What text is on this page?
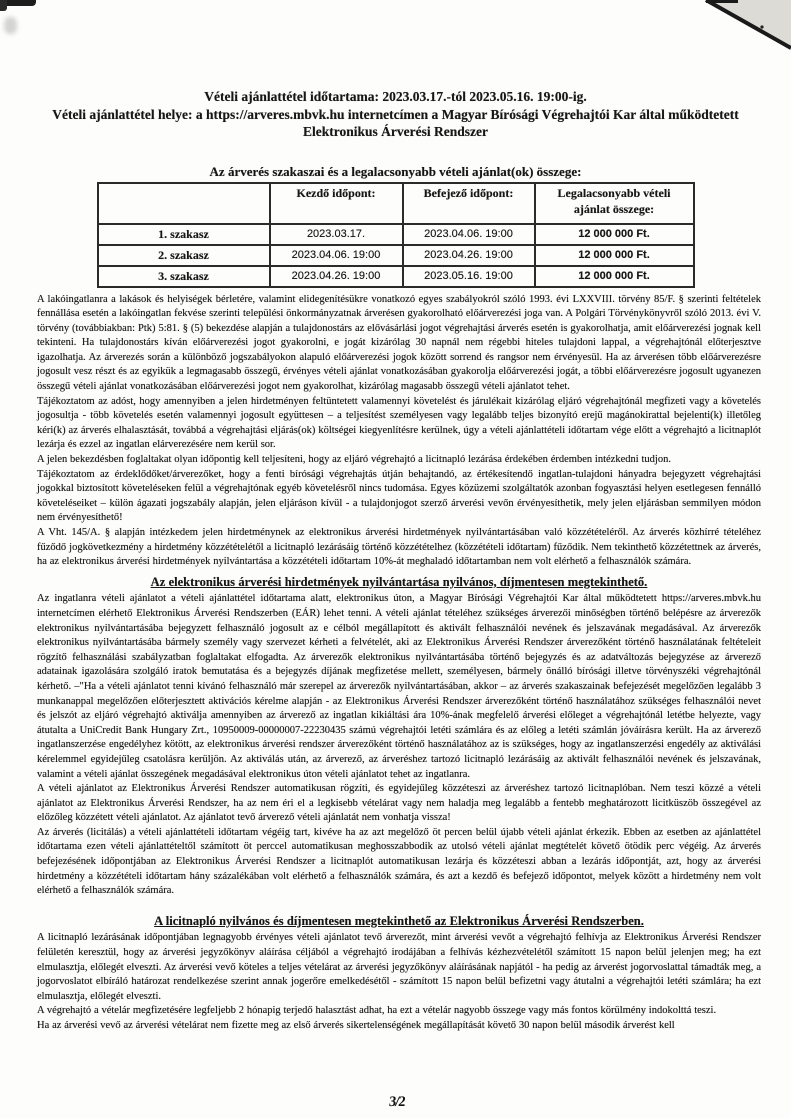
Vételi ajánlattétel időtartama: 2023.03.17.-tól 2023.05.16. 19:00-ig.
Vételi ajánlattétel helye: a https://arveres.mbvk.hu internetcímen a Magyar Bírósági Végrehajtói Kar által működtetett Elektronikus Árverési Rendszer
Az árverés szakaszai és a legalacsonyabb vételi ajánlat(ok) összege:
	Kezdő időpont:	Befejező időpont:	Legalacsonyabb vételi ajánlat összege:
1. szakasz	2023.03.17.	2023.04.06. 19:00	12 000 000 Ft.
2. szakasz	2023.04.06. 19:00	2023.04.26. 19:00	12 000 000 Ft.
3. szakasz	2023.04.26. 19:00	2023.05.16. 19:00	12 000 000 Ft.

A lakóingatlanra a lakások és helyiségek bérletére, valamint elidegenítésükre vonatkozó egyes szabályokról szóló 1993. évi LXXVIII. törvény 85/F. § szerinti feltételek fennállása esetén a lakóingatlan fekvése szerinti települési önkormányzatnak árverésen gyakorolható előárverezési joga van. A Polgári Törvénykönyvről szóló 2013. évi V. törvény (továbbiakban: Ptk) 5:81. § (5) bekezdése alapján a tulajdonostárs az elővásárlási jogot végrehajtási árverés esetén is gyakorolhatja, amit előárverezési jognak kell tekinteni. Ha tulajdonostárs kíván előárverezési jogot gyakorolni, e jogát kizárólag 30 napnál nem régebbi hiteles tulajdoni lappal, a végrehajtónál előterjesztve igazolhatja. Az árverezés során a különböző jogszabályokon alapuló előárverezési jogok között sorrend és rangsor nem érvényesül. Ha az árverésen több előárverezésre jogosult vesz részt és az egyikük a legmagasabb összegű, érvényes vételi ajánlat vonatkozásában gyakorolja előárverezési jogát, a többi előárverezésre jogosult ugyanezen összegű vételi ajánlat vonatkozásában előárverezési jogot nem gyakorolhat, kizárólag magasabb összegű vételi ajánlatot tehet.

Tájékoztatom az adóst, hogy amennyiben a jelen hirdetményen feltüntetett valamennyi követelést és járulékait kizárólag eljáró végrehajtónál megfizeti vagy a követelés jogosultja - több követelés esetén valamennyi jogosult együttesen – a teljesítést személyesen vagy legalább teljes bizonyító erejű magánokirattal bejelenti(k) illetőleg kéri(k) az árverés elhalasztását, továbbá a végrehajtási eljárás(ok) költségei kiegyenlítésre kerülnek, úgy a vételi ajánlattételi időtartam vége előtt a végrehajtó a licitnaplót lezárja és ezzel az ingatlan elárverezésére nem kerül sor.

A jelen bekezdésben foglaltakat olyan időpontig kell teljesíteni, hogy az eljáró végrehajtó a licitnapló lezárása érdekében érdemben intézkedni tudjon.

Tájékoztatom az érdeklődőket/árverezőket, hogy a fenti bírósági végrehajtás útján behajtandó, az értékesítendő ingatlan-tulajdoni hányadra bejegyzett végrehajtási jogokkal biztosított követeléseken felül a végrehajtónak egyéb követelésről nincs tudomása. Egyes közüzemi szolgáltatók azonban fogyasztási helyen esetlegesen fennálló követeléseiket – külön ágazati jogszabály alapján, jelen eljáráson kívül - a tulajdonjogot szerző árverési vevőn érvényesíthetik, mely jelen eljárásban semmilyen módon nem érvényesíthető!

A Vht. 145/A. § alapján intézkedem jelen hirdetménynek az elektronikus árverési hirdetmények nyilvántartásában való közzétételéről. Az árverés közhírré tételéhez fűződő jogkövetkezmény a hirdetmény közzétételétől a licitnapló lezárásáig történő közzétételhez (közzétételi időtartam) fűződik. Nem tekinthető közzétettnek az árverés, ha az elektronikus árverési hirdetmények nyilvántartása a közzétételi időtartam 10%-át meghaladó időtartamban nem volt elérhető a felhasználók számára.

Az elektronikus árverési hirdetmények nyilvántartása nyilvános, díjmentesen megtekinthető.

Az ingatlanra vételi ajánlatot a vételi ajánlattétel időtartama alatt, elektronikus úton, a Magyar Bírósági Végrehajtói Kar által működtetett https://arveres.mbvk.hu internetcímen elérhető Elektronikus Árverési Rendszerben (EÁR) lehet tenni. A vételi ajánlat tételéhez szükséges árverezői minőségben történő belépésre az árverezők elektronikus nyilvántartásába bejegyzett felhasználó jogosult az e célból megállapított és aktivált felhasználói nevének és jelszavának megadásával. Az árverezők elektronikus nyilvántartásába bármely személy vagy szervezet kérheti a felvételét, aki az Elektronikus Árverési Rendszer árverezőként történő használatának feltételeit rögzítő felhasználási szabályzatban foglaltakat elfogadta. Az árverezők elektronikus nyilvántartásába történő bejegyzés és az adatváltozás bejegyzése az árverező adatainak igazolására szolgáló iratok bemutatása és a bejegyzés díjának megfizetése mellett, személyesen, bármely önálló bírósági illetve törvényszéki végrehajtónál kérhető. –"Ha a vételi ajánlatot tenni kívánó felhasználó már szerepel az árverezők nyilvántartásában, akkor – az árverés szakaszainak befejezését megelőzően legalább 3 munkanappal megelőzően előterjesztett aktivációs kérelme alapján - az Elektronikus Árverési Rendszer árverezőként történő használatához szükséges felhasználói nevet és jelszót az eljáró végrehajtó aktiválja amennyiben az árverező az ingatlan kikiáltási ára 10%-ának megfelelő árverési előleget a végrehajtónál letétbe helyezte, vagy átutalta a UniCredit Bank Hungary Zrt., 10950009-00000007-22230435 számú végrehajtói letéti számlára és az előleg a letéti számlán jóváírásra került. Ha az árverező ingatlanszerzése engedélyhez kötött, az elektronikus árverési rendszer árverezőként történő használatához az is szükséges, hogy az ingatlanszerzési engedély az aktiválási kérelemmel egyidejűleg csatolásra kerüljön. Az aktiválás után, az árverező, az árveréshez tartozó licitnapló lezárásáig az aktivált felhasználói nevének és jelszavának, valamint a vételi ajánlat összegének megadásával elektronikus úton vételi ajánlatot tehet az ingatlanra.

A vételi ajánlatot az Elektronikus Árverési Rendszer automatikusan rögzíti, és egyidejűleg közzéteszi az árveréshez tartozó licitnaplóban. Nem teszi közzé a vételi ajánlatot az Elektronikus Árverési Rendszer, ha az nem éri el a legkisebb vételárat vagy nem haladja meg legalább a fentebb meghatározott licitküszöb összegével az előzőleg közzétett vételi ajánlatot. Az ajánlatot tevő árverező vételi ajánlatát nem vonhatja vissza!

Az árverés (licitálás) a vételi ajánlattételi időtartam végéig tart, kivéve ha az azt megelőző öt percen belül újabb vételi ajánlat érkezik. Ebben az esetben az ajánlattétel időtartama ezen vételi ajánlattételtől számított öt perccel automatikusan meghosszabbodik az utolsó vételi ajánlat megtételét követő ötödik perc végéig. Az árverés befejezésének időpontjában az Elektronikus Árverési Rendszer a licitnaplót automatikusan lezárja és közzéteszi abban a lezárás időpontját, azt, hogy az árverési hirdetmény a közzétételi időtartam hány százalékában volt elérhető a felhasználók számára, és azt a kezdő és befejező időpontot, melyek között a hirdetmény nem volt elérhető a felhasználók számára.

A licitnapló nyilvános és díjmentesen megtekinthető az Elektronikus Árverési Rendszerben.

A licitnapló lezárásának időpontjában legnagyobb érvényes vételi ajánlatot tevő árverezőt, mint árverési vevőt a végrehajtó felhívja az Elektronikus Árverési Rendszer felületén keresztül, hogy az árverési jegyzőkönyv aláírása céljából a végrehajtó irodájában a felhívás kézhezvételétől számított 15 napon belül jelenjen meg; ha ezt elmulasztja, előlegét elveszti. Az árverési vevő köteles a teljes vételárat az árverési jegyzőkönyv aláírásának napjától - ha pedig az árverést jogorvoslattal támadták meg, a jogorvoslatot elbíráló határozat rendelkezése szerint annak jogerőre emelkedésétől - számított 15 napon belül befizetni vagy átutalni a végrehajtói letéti számlára; ha ezt elmulasztja, előlegét elveszti.

A végrehajtó a vételár megfizetésére legfeljebb 2 hónapig terjedő halasztást adhat, ha ezt a vételár nagyobb összege vagy más fontos körülmény indokolttá teszi.

Ha az árverési vevő az árverési vételárat nem fizette meg az első árverés sikertelenségének megállapítását követő 30 napon belül második árverést kell

3/2
